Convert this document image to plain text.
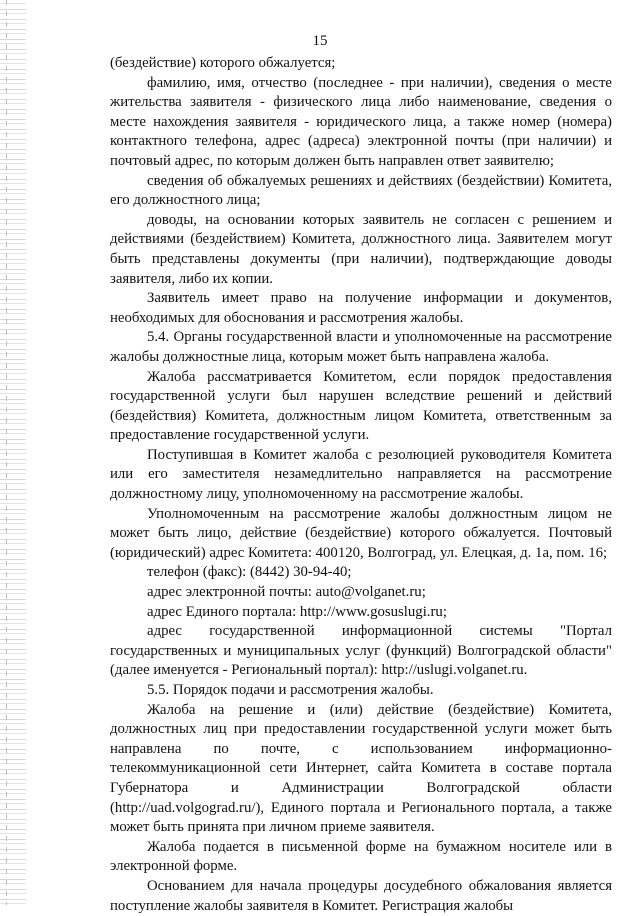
15

(бездействие) которого обжалуется;

фамилию, имя, отчество (последнее - при наличии), сведения о месте жительства заявителя - физического лица либо наименование, сведения о месте нахождения заявителя - юридического лица, а также номер (номера) контактного телефона, адрес (адреса) электронной почты (при наличии) и почтовый адрес, по которым должен быть направлен ответ заявителю;

сведения об обжалуемых решениях и действиях (бездействии) Комитета, его должностного лица;

доводы, на основании которых заявитель не согласен с решением и действиями (бездействием) Комитета, должностного лица. Заявителем могут быть представлены документы (при наличии), подтверждающие доводы заявителя, либо их копии.

Заявитель имеет право на получение информации и документов, необходимых для обоснования и рассмотрения жалобы.

5.4. Органы государственной власти и уполномоченные на рассмотрение жалобы должностные лица, которым может быть направлена жалоба.

Жалоба рассматривается Комитетом, если порядок предоставления государственной услуги был нарушен вследствие решений и действий (бездействия) Комитета, должностным лицом Комитета, ответственным за предоставление государственной услуги.

Поступившая в Комитет жалоба с резолюцией руководителя Комитета или его заместителя незамедлительно направляется на рассмотрение должностному лицу, уполномоченному на рассмотрение жалобы.

Уполномоченным на рассмотрение жалобы должностным лицом не может быть лицо, действие (бездействие) которого обжалуется. Почтовый (юридический) адрес Комитета: 400120, Волгоград, ул. Елецкая, д. 1а, пом. 16;

телефон (факс): (8442) 30-94-40;

адрес электронной почты: auto@volganet.ru;

адрес Единого портала: http://www.gosuslugi.ru;

адрес государственной информационной системы "Портал государственных и муниципальных услуг (функций) Волгоградской области" (далее именуется - Региональный портал): http://uslugi.volganet.ru.

5.5. Порядок подачи и рассмотрения жалобы.

Жалоба на решение и (или) действие (бездействие) Комитета, должностных лиц при предоставлении государственной услуги может быть направлена по почте, с использованием информационно-телекоммуникационной сети Интернет, сайта Комитета в составе портала Губернатора и Администрации Волгоградской области (http://uad.volgograd.ru/), Единого портала и Регионального портала, а также может быть принята при личном приеме заявителя.

Жалоба подается в письменной форме на бумажном носителе или в электронной форме.

Основанием для начала процедуры досудебного обжалования является поступление жалобы заявителя в Комитет. Регистрация жалобы
